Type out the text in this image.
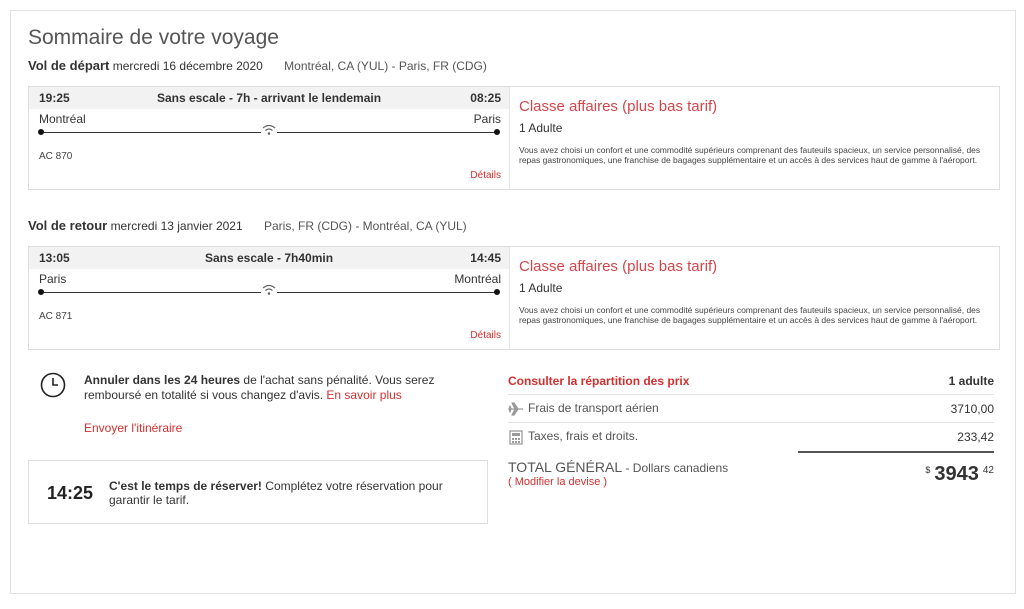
Sommaire de votre voyage
Vol de départ mercredi 16 décembre 2020 Montréal, CA (YUL) - Paris, FR (CDG)
19:25	Sans escale - 7h - arrivant le lendemain	08:25
Montréal	Paris
AC 870
Détails
Classe affaires (plus bas tarif)
1 Adulte
Vous avez choisi un confort et une commodité supérieurs comprenant des fauteuils spacieux, un service personnalisé, des repas gastronomiques, une franchise de bagages supplémentaire et un accès à des services haut de gamme à l'aéroport.
Vol de retour mercredi 13 janvier 2021 Paris, FR (CDG) - Montréal, CA (YUL)
13:05	Sans escale - 7h40min	14:45
Paris	Montréal
AC 871
Détails
Classe affaires (plus bas tarif)
1 Adulte
Vous avez choisi un confort et une commodité supérieurs comprenant des fauteuils spacieux, un service personnalisé, des repas gastronomiques, une franchise de bagages supplémentaire et un accès à des services haut de gamme à l'aéroport.
Annuler dans les 24 heures de l'achat sans pénalité. Vous serez remboursé en totalité si vous changez d'avis. En savoir plus
Envoyer l'itinéraire
14:25 C'est le temps de réserver! Complétez votre réservation pour garantir le tarif.
Consulter la répartition des prix	1 adulte
Frais de transport aérien	3710,00
Taxes, frais et droits.	233,42
TOTAL GÉNÉRAL - Dollars canadiens
( Modifier la devise )
$ 3943 $^{42}$
